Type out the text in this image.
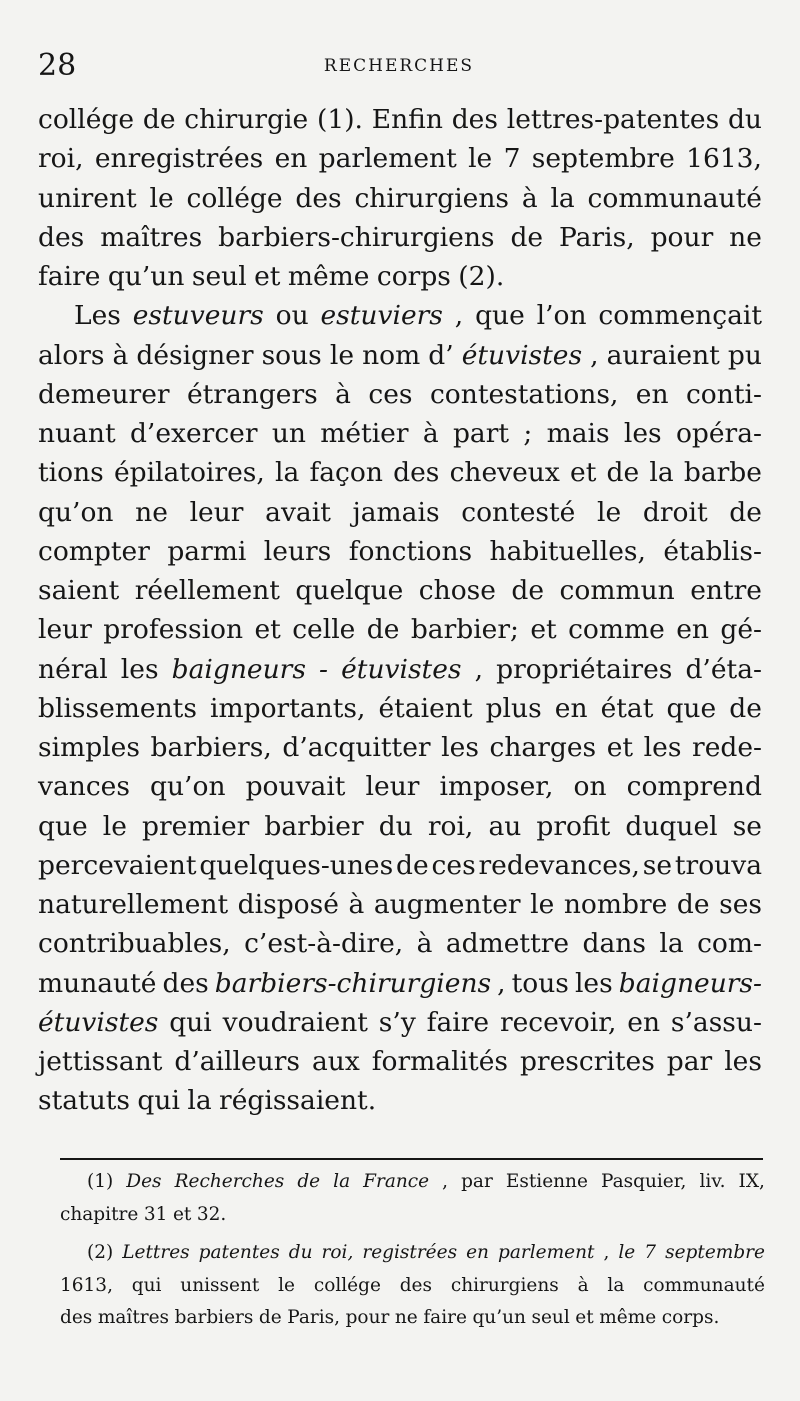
28	RECHERCHES
collége de chirurgie (1). Enfin des lettres-patentes du
roi, enregistrées en parlement le 7 septembre 1613,
unirent le collége des chirurgiens à la communauté
des maîtres barbiers-chirurgiens de Paris, pour ne
faire qu’un seul et même corps (2).
Les estuveurs ou estuviers , que l’on commençait
alors à désigner sous le nom d’ étuvistes , auraient pu
demeurer étrangers à ces contestations, en conti-
nuant d’exercer un métier à part ; mais les opéra-
tions épilatoires, la façon des cheveux et de la barbe
qu’on ne leur avait jamais contesté le droit de
compter parmi leurs fonctions habituelles, établis-
saient réellement quelque chose de commun entre
leur profession et celle de barbier; et comme en gé-
néral les baigneurs - étuvistes , propriétaires d’éta-
blissements importants, étaient plus en état que de
simples barbiers, d’acquitter les charges et les rede-
vances qu’on pouvait leur imposer, on comprend
que le premier barbier du roi, au profit duquel se
percevaient quelques-unes de ces redevances, se trouva
naturellement disposé à augmenter le nombre de ses
contribuables, c’est-à-dire, à admettre dans la com-
munauté des barbiers-chirurgiens , tous les baigneurs-
étuvistes qui voudraient s’y faire recevoir, en s’assu-
jettissant d’ailleurs aux formalités prescrites par les
statuts qui la régissaient.
(1) Des Recherches de la France , par Estienne Pasquier, liv. IX,
chapitre 31 et 32.
(2) Lettres patentes du roi, registrées en parlement , le 7 septembre
1613, qui unissent le collége des chirurgiens à la communauté
des maîtres barbiers de Paris, pour ne faire qu’un seul et même corps.
